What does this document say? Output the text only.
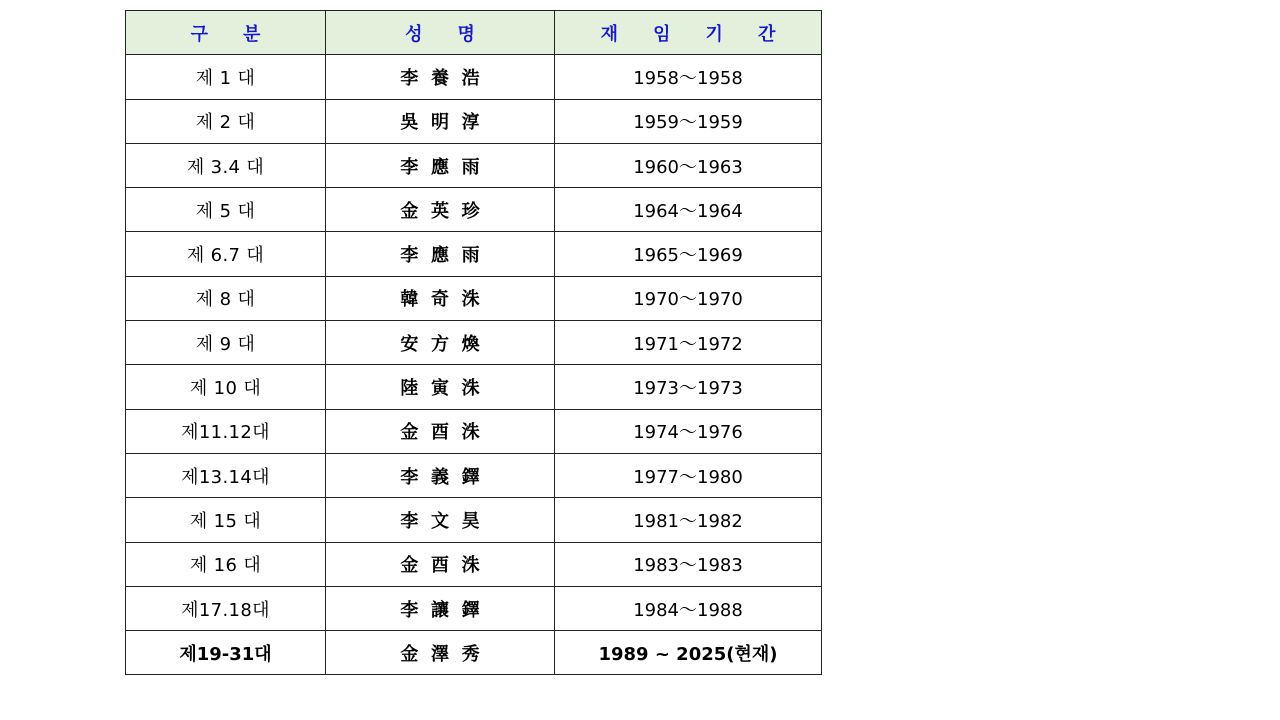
구 분	성 명	재 임 기 간
제 1 대	李養浩	1958～1958
제 2 대	吳明淳	1959～1959
제 3.4 대	李應雨	1960～1963
제 5 대	金英珍	1964～1964
제 6.7 대	李應雨	1965～1969
제 8 대	韓奇洙	1970～1970
제 9 대	安方煥	1971～1972
제 10 대	陸寅洙	1973～1973
제11.12대	金酉洙	1974～1976
제13.14대	李義鐸	1977～1980
제 15 대	李文昊	1981～1982
제 16 대	金酉洙	1983～1983
제17.18대	李讓鐸	1984～1988
제19-31대	金澤秀	1989 ~ 2025(현재)
